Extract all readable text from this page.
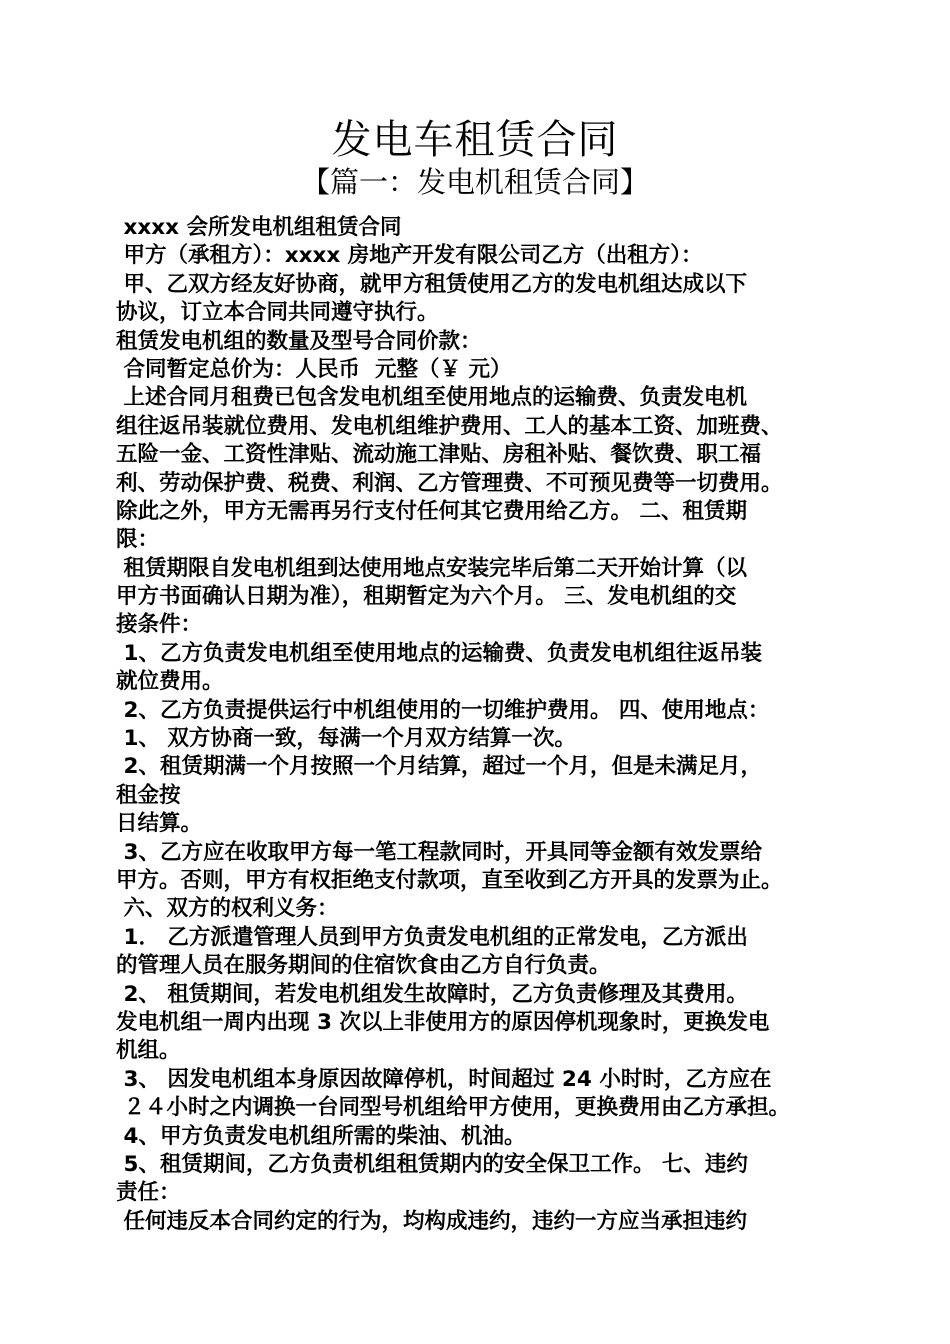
发电车租赁合同
【篇一：发电机租赁合同】
xxxx 会所发电机组租赁合同
甲方（承租方）：xxxx 房地产开发有限公司乙方（出租方）：
甲、乙双方经友好协商，就甲方租赁使用乙方的发电机组达成以下
协议，订立本合同共同遵守执行。
租赁发电机组的数量及型号合同价款：
合同暂定总价为：人民币  元整（￥ 元）
上述合同月租费已包含发电机组至使用地点的运输费、负责发电机
组往返吊装就位费用、发电机组维护费用、工人的基本工资、加班费、
五险一金、工资性津贴、流动施工津贴、房租补贴、餐饮费、职工福
利、劳动保护费、税费、利润、乙方管理费、不可预见费等一切费用。
除此之外，甲方无需再另行支付任何其它费用给乙方。 二、租赁期
限：
租赁期限自发电机组到达使用地点安装完毕后第二天开始计算（以
甲方书面确认日期为准），租期暂定为六个月。 三、发电机组的交
接条件：
1、乙方负责发电机组至使用地点的运输费、负责发电机组往返吊装
就位费用。
2、乙方负责提供运行中机组使用的一切维护费用。 四、使用地点：
1、 双方协商一致，每满一个月双方结算一次。
2、租赁期满一个月按照一个月结算，超过一个月，但是未满足月，
租金按
日结算。
3、乙方应在收取甲方每一笔工程款同时，开具同等金额有效发票给
甲方。否则，甲方有权拒绝支付款项，直至收到乙方开具的发票为止。
六、双方的权利义务：
1． 乙方派遣管理人员到甲方负责发电机组的正常发电，乙方派出
的管理人员在服务期间的住宿饮食由乙方自行负责。
2、 租赁期间，若发电机组发生故障时，乙方负责修理及其费用。
发电机组一周内出现 3 次以上非使用方的原因停机现象时，更换发电
机组。
3、 因发电机组本身原因故障停机，时间超过 24 小时时，乙方应在
２４小时之内调换一台同型号机组给甲方使用，更换费用由乙方承担。
4、甲方负责发电机组所需的柴油、机油。
5、租赁期间，乙方负责机组租赁期内的安全保卫工作。 七、违约
责任：
任何违反本合同约定的行为，均构成违约，违约一方应当承担违约
